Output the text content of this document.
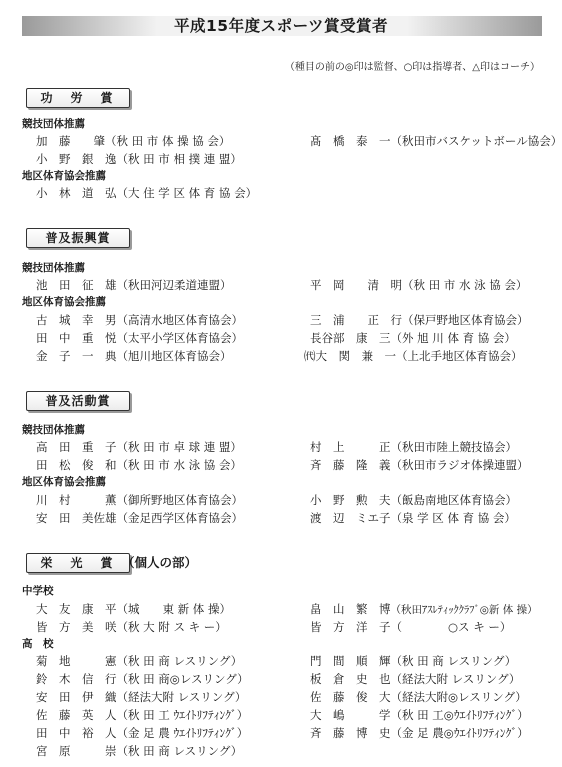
平成15年度スポーツ賞受賞者
（種目の前の◎印は監督、○印は指導者、△印はコーチ）
功　労　賞
競技団体推薦
加　藤　　肇（秋 田 市 体 操 協 会）
小　野　銀　逸（秋 田 市 相 撲 連 盟）
髙　橋　泰　一（秋田市バスケットボール協会）
地区体育協会推薦
小　林　道　弘（大 住 学 区 体 育 協 会）
普及振興賞
競技団体推薦
池　田　征　雄（秋田河辺柔道連盟）	平　岡　　清　明（秋 田 市 水 泳 協 会）
地区体育協会推薦
古　城　幸　男（高清水地区体育協会）
田　中　重　悦（太平小学区体育協会）
金　子　一　典（旭川地区体育協会）
三　浦　　正　行（保戸野地区体育協会）
長谷部　康　三（外 旭 川 体 育 協 会）
㈹大　関　兼　一（上北手地区体育協会）
普及活動賞
競技団体推薦
高　田　重　子（秋 田 市 卓 球 連 盟）
田　松　俊　和（秋 田 市 水 泳 協 会）
村　上　　　正（秋田市陸上競技協会）
斉　藤　隆　義（秋田市ラジオ体操連盟）
地区体育協会推薦
川　村　　　薫（御所野地区体育協会）
安　田　美佐雄（金足西学区体育協会）
小　野　勲　夫（飯島南地区体育協会）
渡　辺　ミエ子（泉 学 区 体 育 協 会）
栄　光　賞 （個人の部）
中学校
大　友　康　平（城　　東 新 体 操）
皆　方　美　咲（秋 大 附 ス キ ー）
畠　山　繁　博（秋田ｱｽﾚﾃｨｯｸｸﾗﾌﾞ◎新 体 操）
皆　方　洋　子（　　　　○ス キ ー）
高　校
菊　地　　　憲（秋 田 商 レスリング）
鈴　木　信　行（秋 田 商◎レスリング）
安　田　伊　織（経法大附 レスリング）
佐　藤　英　人（秋 田 工 ｳｴｲﾄﾘﾌﾃｨﾝｸﾞ）
田　中　裕　人（金 足 農 ｳｴｲﾄﾘﾌﾃｨﾝｸﾞ）
宮　原　　　崇（秋 田 商 レスリング）
門　間　順　輝（秋 田 商 レスリング）
板　倉　史　也（経法大附 レスリング）
佐　藤　俊　大（経法大附◎レスリング）
大　嶋　　　学（秋 田 工◎ｳｴｲﾄﾘﾌﾃｨﾝｸﾞ）
斉　藤　博　史（金 足 農◎ｳｴｲﾄﾘﾌﾃｨﾝｸﾞ）
